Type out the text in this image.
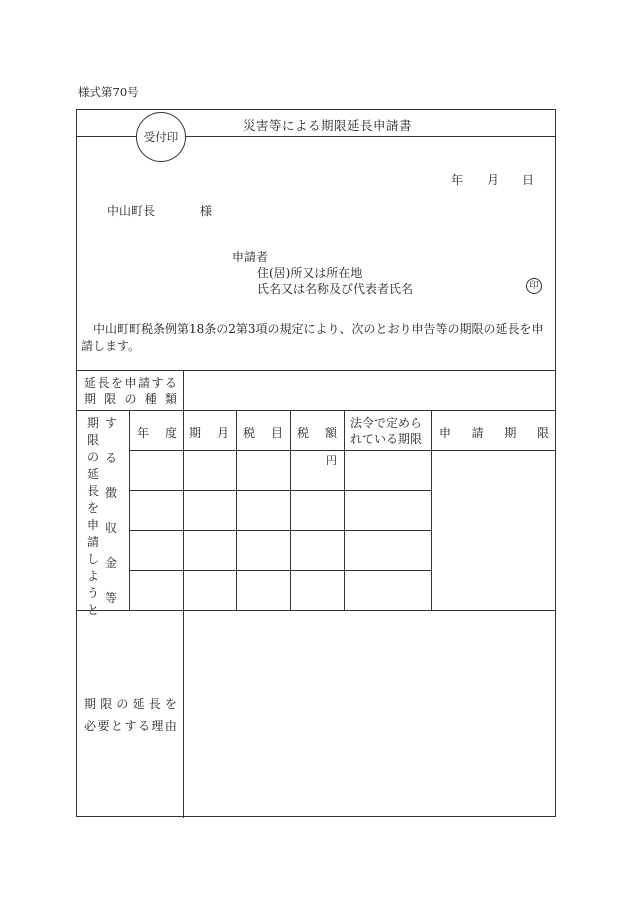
様式第70号
災害等による期限延長申請書
受付印
年 月 日
中山町長	様
申請者
住(居)所又は所在地
氏名又は名称及び代表者氏名	印
中山町町税条例第18条の2第3項の規定により、次のとおり申告等の期限の延長を申請します。
延 長 を 申 請 す る
期 限 の 種 類
期
限
の
延
長
を
申
請
し
よ
う
と
す
る
徴
収
金
等
年 度 期 月 税 目 税 額
法令で定めら
れている期限 申 請 期 限
円
期 限 の 延 長 を
必 要 と す る 理 由
